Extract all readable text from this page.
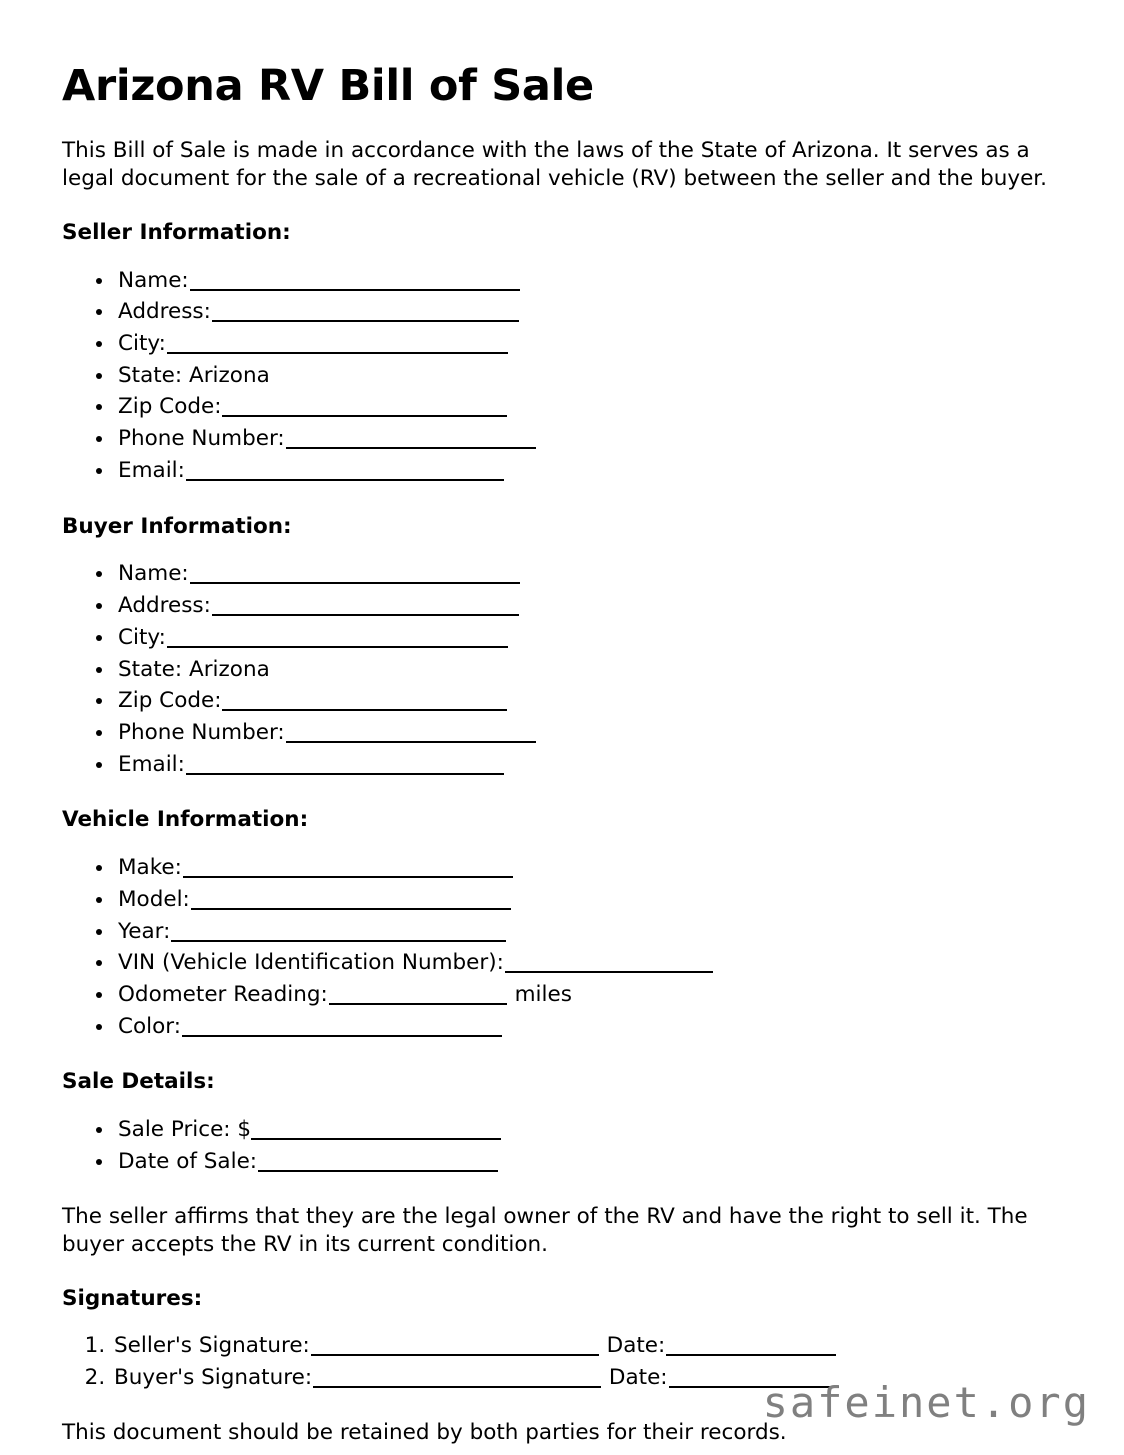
Arizona RV Bill of Sale

This Bill of Sale is made in accordance with the laws of the State of Arizona. It serves as a legal document for the sale of a recreational vehicle (RV) between the seller and the buyer.

Seller Information:
• Name:
• Address:
• City:
• State: Arizona
• Zip Code:
• Phone Number:
• Email:
Buyer Information:
• Name:
• Address:
• City:
• State: Arizona
• Zip Code:
• Phone Number:
• Email:
Vehicle Information:
• Make:
• Model:
• Year:
• VIN (Vehicle Identification Number):
• Odometer Reading:	miles
• Color:
Sale Details:
• Sale Price: $
• Date of Sale:

The seller affirms that they are the legal owner of the RV and have the right to sell it. The buyer accepts the RV in its current condition.

Signatures:
1. Seller's Signature:	Date:
2. Buyer's Signature:	Date:

This document should be retained by both parties for their records.

safeinet.org
